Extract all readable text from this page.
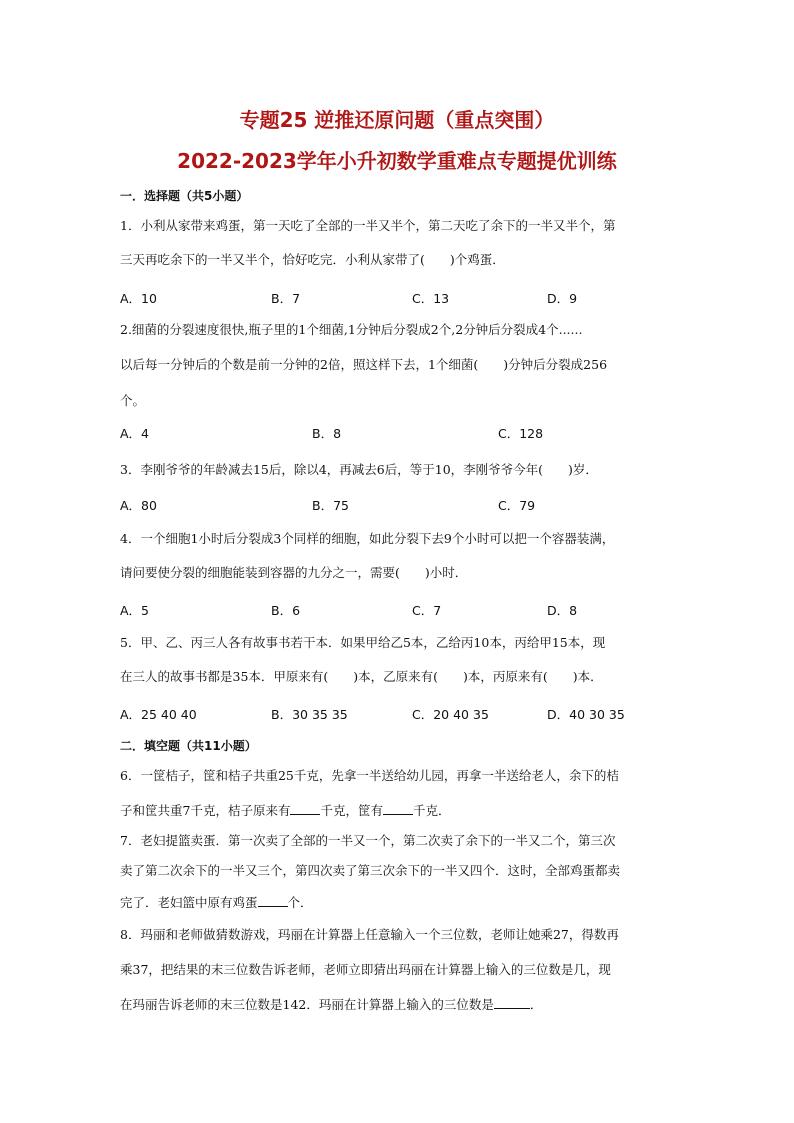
专题25 逆推还原问题（重点突围）
2022-2023学年小升初数学重难点专题提优训练
一．选择题（共5小题）
1．小利从家带来鸡蛋，第一天吃了全部的一半又半个，第二天吃了余下的一半又半个，第
三天再吃余下的一半又半个，恰好吃完．小利从家带了(　　)个鸡蛋．
A．10	B．7	C．13	D．9
2.细菌的分裂速度很快,瓶子里的1个细菌,1分钟后分裂成2个,2分钟后分裂成4个......
以后每一分钟后的个数是前一分钟的2倍，照这样下去，1个细菌(　　)分钟后分裂成256
个。
A．4	B．8	C．128
3．李刚爷爷的年龄减去15后，除以4，再减去6后，等于10，李刚爷爷今年(　　)岁．
A．80	B．75	C．79
4．一个细胞1小时后分裂成3个同样的细胞，如此分裂下去9个小时可以把一个容器装满，
请问要使分裂的细胞能装到容器的九分之一，需要(　　)小时．
A．5	B．6	C．7	D．8
5．甲、乙、丙三人各有故事书若干本．如果甲给乙5本，乙给丙10本，丙给甲15本，现
在三人的故事书都是35本．甲原来有(　　)本，乙原来有(　　)本，丙原来有(　　)本．
A．25 40 40	B．30 35 35	C．20 40 35	D．40 30 35
二．填空题（共11小题）
6．一筐桔子，筐和桔子共重25千克，先拿一半送给幼儿园，再拿一半送给老人，余下的桔
子和筐共重7千克，桔子原来有 千克，筐有 千克．
7．老妇提篮卖蛋．第一次卖了全部的一半又一个，第二次卖了余下的一半又二个，第三次
卖了第二次余下的一半又三个，第四次卖了第三次余下的一半又四个．这时，全部鸡蛋都卖
完了．老妇篮中原有鸡蛋 个．
8．玛丽和老师做猜数游戏，玛丽在计算器上任意输入一个三位数，老师让她乘27，得数再
乘37，把结果的末三位数告诉老师，老师立即猜出玛丽在计算器上输入的三位数是几，现
在玛丽告诉老师的末三位数是142．玛丽在计算器上输入的三位数是	．
